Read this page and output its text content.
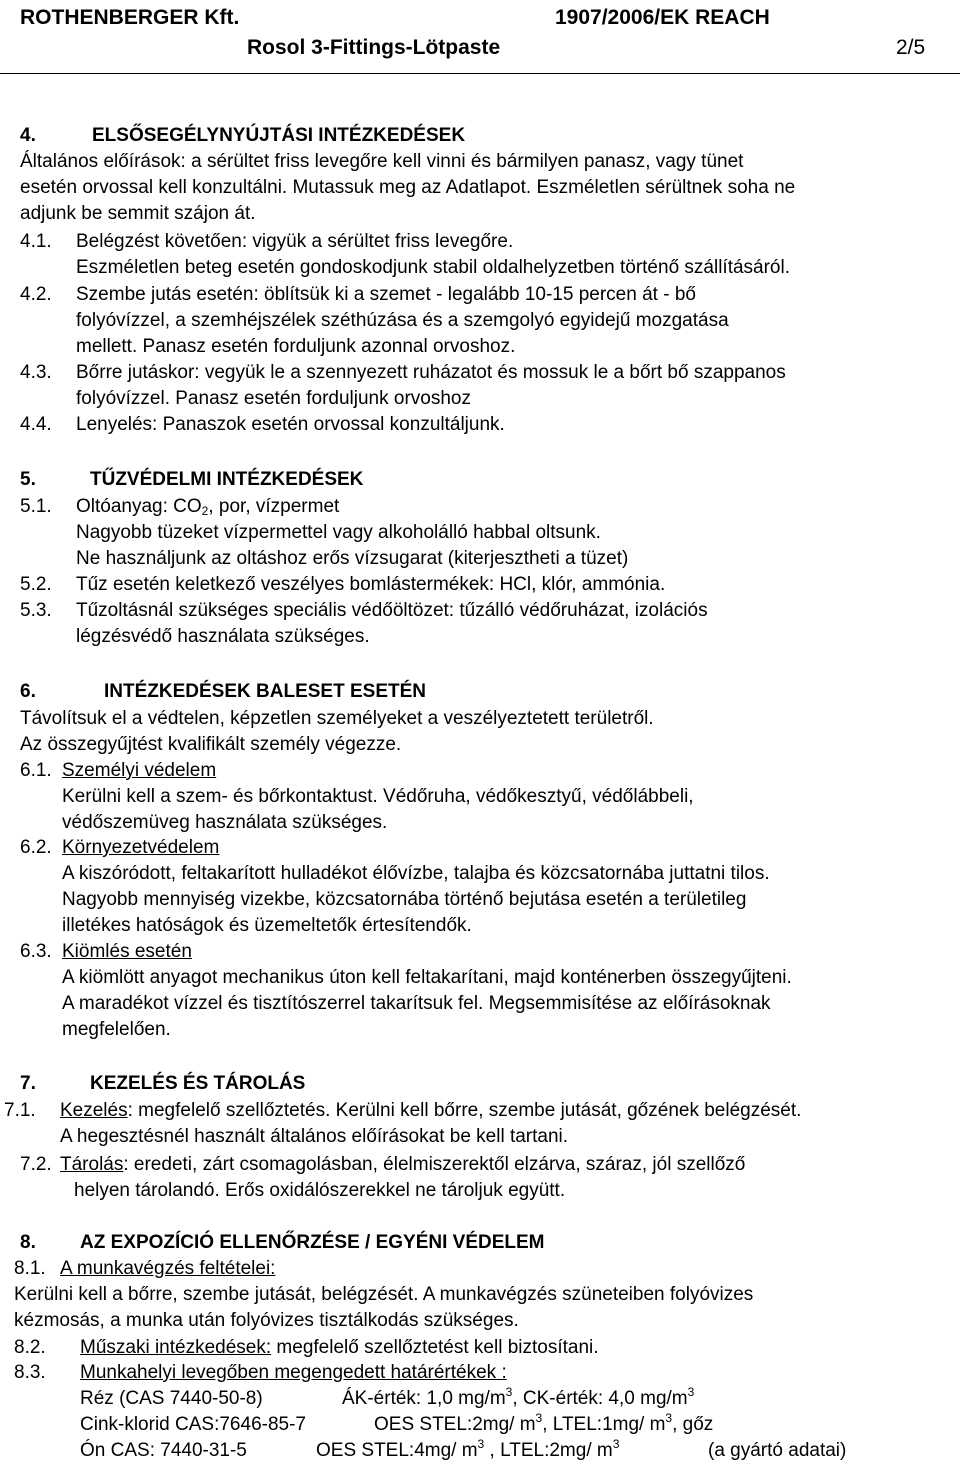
ROTHENBERGER Kft.	1907/2006/EK REACH
Rosol 3-Fittings-Lötpaste	2/5
4.	ELSŐSEGÉLYNYÚJTÁSI INTÉZKEDÉSEK
Általános előírások: a sérültet friss levegőre kell vinni és bármilyen panasz, vagy tünet
esetén orvossal kell konzultálni. Mutassuk meg az Adatlapot. Eszméletlen sérültnek soha ne
adjunk be semmit szájon át.
4.1. Belégzést követően: vigyük a sérültet friss levegőre.
Eszméletlen beteg esetén gondoskodjunk stabil oldalhelyzetben történő szállításáról.
4.2. Szembe jutás esetén: öblítsük ki a szemet - legalább 10-15 percen át - bő
folyóvízzel, a szemhéjszélek széthúzása és a szemgolyó egyidejű mozgatása
mellett. Panasz esetén forduljunk azonnal orvoshoz.
4.3. Bőrre jutáskor: vegyük le a szennyezett ruházatot és mossuk le a bőrt bő szappanos
folyóvízzel. Panasz esetén forduljunk orvoshoz
4.4. Lenyelés: Panaszok esetén orvossal konzultáljunk.
5.	TŰZVÉDELMI INTÉZKEDÉSEK
5.1. Oltóanyag: $CO_2$, por, vízpermet
Nagyobb tüzeket vízpermettel vagy alkoholálló habbal oltsunk.
Ne használjunk az oltáshoz erős vízsugarat (kiterjesztheti a tüzet)
5.2. Tűz esetén keletkező veszélyes bomlástermékek: HCl, klór, ammónia.
5.3. Tűzoltásnál szükséges speciális védőöltözet: tűzálló védőruházat, izolációs
légzésvédő használata szükséges.
6.	INTÉZKEDÉSEK BALESET ESETÉN
Távolítsuk el a védtelen, képzetlen személyeket a veszélyeztetett területről.
Az összegyűjtést kvalifikált személy végezze.
6.1. Személyi védelem
Kerülni kell a szem- és bőrkontaktust. Védőruha, védőkesztyű, védőlábbeli,
védőszemüveg használata szükséges.
6.2. Környezetvédelem
A kiszóródott, feltakarított hulladékot élővízbe, talajba és közcsatornába juttatni tilos.
Nagyobb mennyiség vizekbe, közcsatornába történő bejutása esetén a területileg
illetékes hatóságok és üzemeltetők értesítendők.
6.3. Kiömlés esetén
A kiömlött anyagot mechanikus úton kell feltakarítani, majd konténerben összegyűjteni.
A maradékot vízzel és tisztítószerrel takarítsuk fel. Megsemmisítése az előírásoknak
megfelelően.
7.	KEZELÉS ÉS TÁROLÁS
7.1. Kezelés: megfelelő szellőztetés. Kerülni kell bőrre, szembe jutását, gőzének belégzését.
A hegesztésnél használt általános előírásokat be kell tartani.
7.2. Tárolás: eredeti, zárt csomagolásban, élelmiszerektől elzárva, száraz, jól szellőző
helyen tárolandó. Erős oxidálószerekkel ne tároljuk együtt.
8. AZ EXPOZÍCIÓ ELLENŐRZÉSE / EGYÉNI VÉDELEM
8.1. A munkavégzés feltételei:
Kerülni kell a bőrre, szembe jutását, belégzését. A munkavégzés szüneteiben folyóvizes
kézmosás, a munka után folyóvizes tisztálkodás szükséges.
8.2. Műszaki intézkedések: megfelelő szellőztetést kell biztosítani.
8.3. Munkahelyi levegőben megengedett határértékek :
Réz (CAS 7440-50-8)	ÁK-érték: 1,0 $mg/m^3$, CK-érték: 4,0 $mg/m^3$
Cink-klorid CAS:7646-85-7	OES STEL:2mg/ $m^3$, LTEL:1mg/ $m^3$, gőz
Ón CAS: 7440-31-5	OES STEL:4mg/ $m^3$ , LTEL:2mg/ $m^3$	(a gyártó adatai)
